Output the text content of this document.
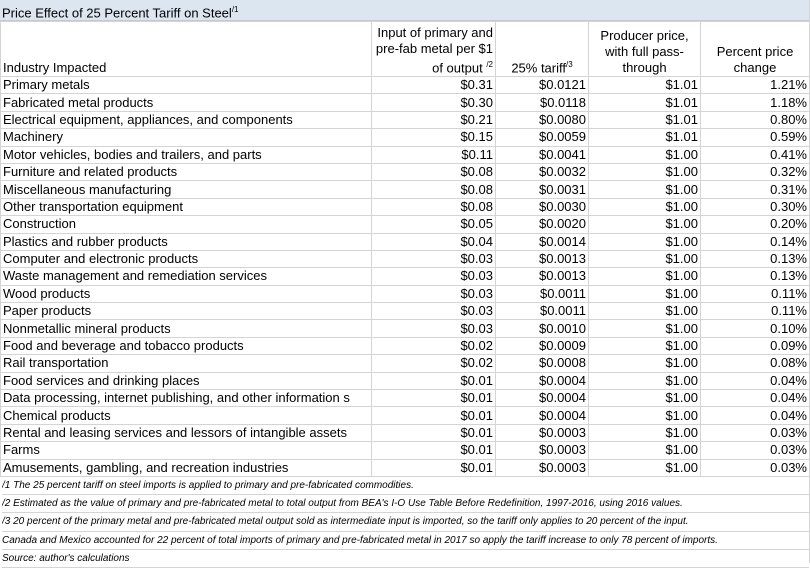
Price Effect of 25 Percent Tariff on Steel$^{/1}$
Industry Impacted	Input of primary and pre-fab metal per $1 of output $^{/2}$	25% tariff$^{/3}$	Producer price, with full pass-through	Percent price change
Primary metals	$0.31	$0.0121	$1.01	1.21%
Fabricated metal products	$0.30	$0.0118	$1.01	1.18%
Electrical equipment, appliances, and components	$0.21	$0.0080	$1.01	0.80%
Machinery	$0.15	$0.0059	$1.01	0.59%
Motor vehicles, bodies and trailers, and parts	$0.11	$0.0041	$1.00	0.41%
Furniture and related products	$0.08	$0.0032	$1.00	0.32%
Miscellaneous manufacturing	$0.08	$0.0031	$1.00	0.31%
Other transportation equipment	$0.08	$0.0030	$1.00	0.30%
Construction	$0.05	$0.0020	$1.00	0.20%
Plastics and rubber products	$0.04	$0.0014	$1.00	0.14%
Computer and electronic products	$0.03	$0.0013	$1.00	0.13%
Waste management and remediation services	$0.03	$0.0013	$1.00	0.13%
Wood products	$0.03	$0.0011	$1.00	0.11%
Paper products	$0.03	$0.0011	$1.00	0.11%
Nonmetallic mineral products	$0.03	$0.0010	$1.00	0.10%
Food and beverage and tobacco products	$0.02	$0.0009	$1.00	0.09%
Rail transportation	$0.02	$0.0008	$1.00	0.08%
Food services and drinking places	$0.01	$0.0004	$1.00	0.04%
Data processing, internet publishing, and other information s	$0.01	$0.0004	$1.00	0.04%
Chemical products	$0.01	$0.0004	$1.00	0.04%
Rental and leasing services and lessors of intangible assets	$0.01	$0.0003	$1.00	0.03%
Farms	$0.01	$0.0003	$1.00	0.03%
Amusements, gambling, and recreation industries	$0.01	$0.0003	$1.00	0.03%
/1 The 25 percent tariff on steel imports is applied to primary and pre-fabricated commodities.
/2 Estimated as the value of primary and pre-fabricated metal to total output from BEA's I-O Use Table Before Redefinition, 1997-2016, using 2016 values.
/3 20 percent of the primary metal and pre-fabricated metal output sold as intermediate input is imported, so the tariff only applies to 20 percent of the input.
Canada and Mexico accounted for 22 percent of total imports of primary and pre-fabricated metal in 2017 so apply the tariff increase to only 78 percent of imports.
Source: author's calculations
